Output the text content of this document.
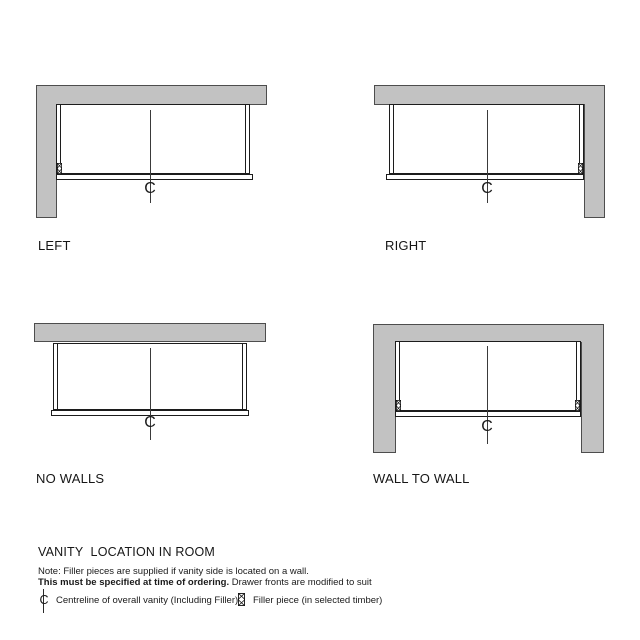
C
LEFT
C
RIGHT
C
NO WALLS
C
WALL TO WALL
VANITY  LOCATION IN ROOM
Note: Filler pieces are supplied if vanity side is located on a wall.
This must be specified at time of ordering. Drawer fronts are modified to suit
C Centreline of overall vanity (Including Filler) Filler piece (in selected timber)
